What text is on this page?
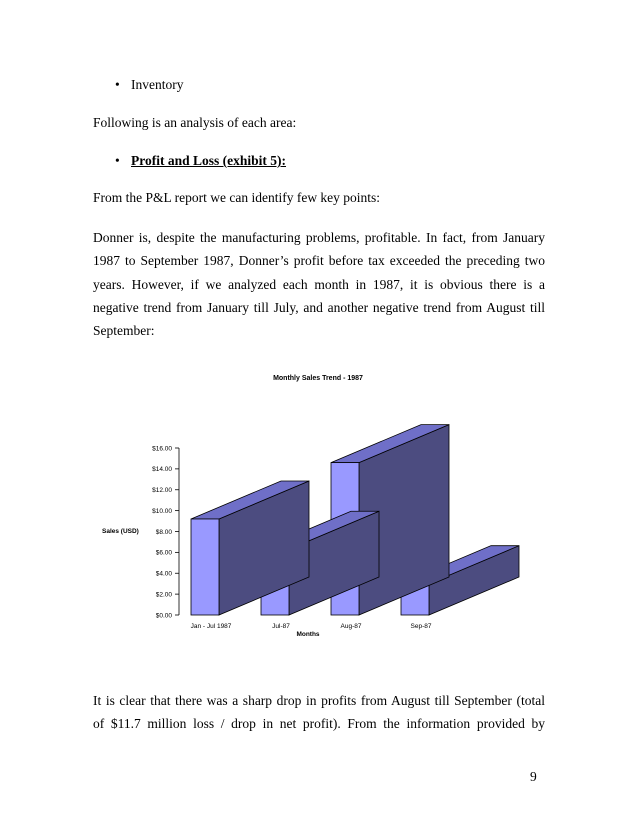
• Inventory
Following is an analysis of each area:
• Profit and Loss (exhibit 5):
From the P&L report we can identify few key points:
Donner is, despite the manufacturing problems, profitable. In fact, from January
1987 to September 1987, Donner’s profit before tax exceeded the preceding two
years. However, if we analyzed each month in 1987, it is obvious there is a
negative trend from January till July, and another negative trend from August till
September:
Monthly Sales Trend - 1987
Sales (USD)
Months
$0.00
$2.00
$4.00
$6.00
$8.00
$10.00
$12.00
$14.00
$16.00
Jan - Jul 1987	Jul-87	Aug-87	Sep-87
It is clear that there was a sharp drop in profits from August till September (total
of $11.7 million loss / drop in net profit). From the information provided by
9
